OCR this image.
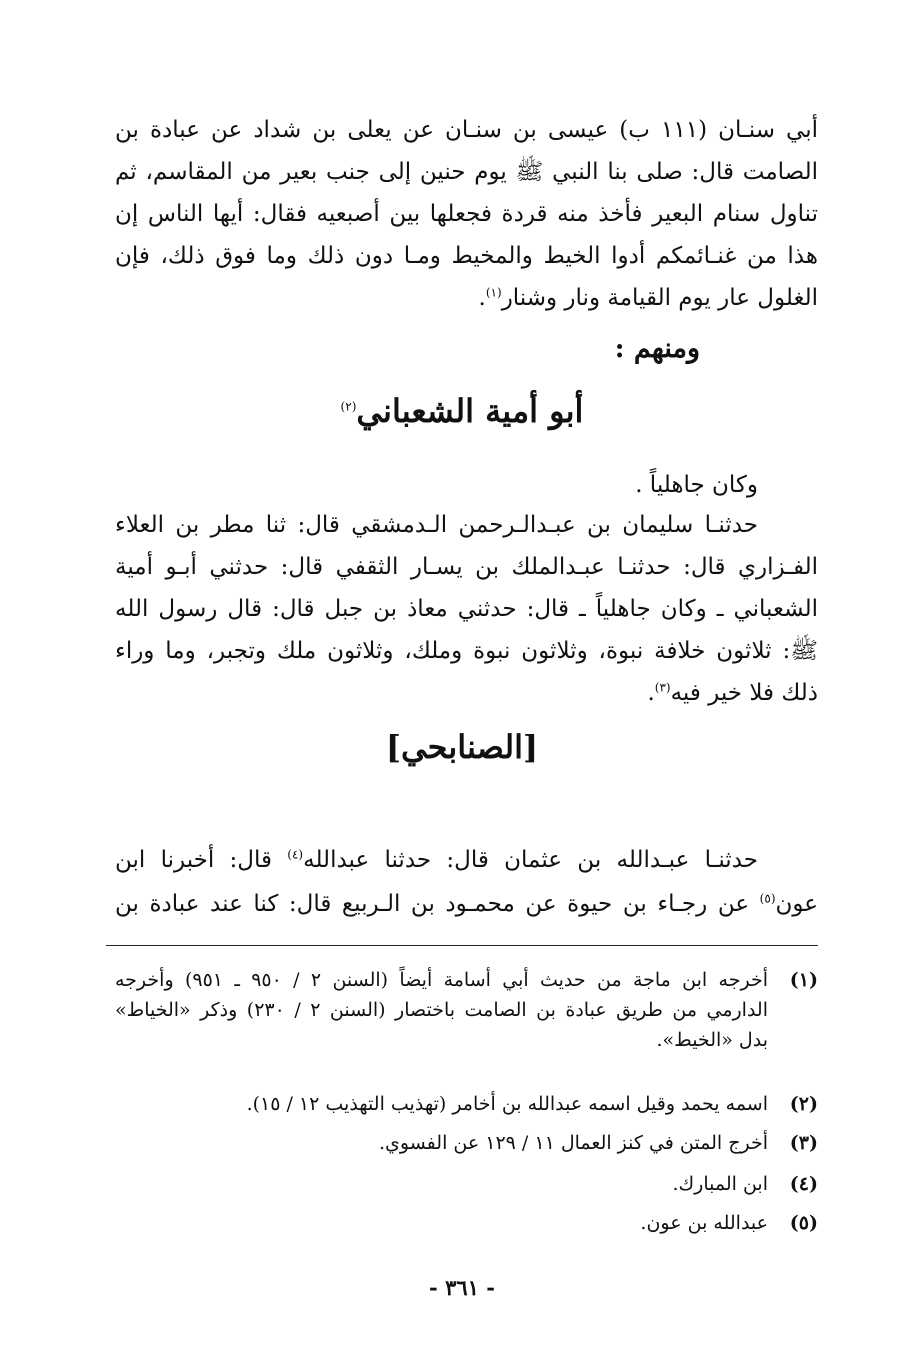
أبي سنـان (١١١ ب) عيسى بن سنـان عن يعلى بن شداد عن عبادة بن
الصامت قال: صلى بنا النبي ﷺ يوم حنين إلى جنب بعير من المقاسم، ثم
تناول سنام البعير فأخذ منه قردة فجعلها بين أصبعيه فقال: أيها الناس إن
هذا من غنـائمكم أدوا الخيط والمخيط ومـا دون ذلك وما فوق ذلك، فإن
الغلول عار يوم القيامة ونار وشنار$^{(١)}$.
ومنهم :
أبو أمية الشعباني$^{(٢)}$
وكان جاهلياً .
حدثنـا سليمان بن عبـدالـرحمن الـدمشقي قال: ثنا مطر بن العلاء
الفـزاري قال: حدثنـا عبـدالملك بن يسـار الثقفي قال: حدثني أبـو أمية
الشعباني ـ وكان جاهلياً ـ قال: حدثني معاذ بن جبل قال: قال رسول الله
ﷺ: ثلاثون خلافة نبوة، وثلاثون نبوة وملك، وثلاثون ملك وتجبر، وما وراء
ذلك فلا خير فيه$^{(٣)}$.
[الصنابحي]
حدثنـا عبـدالله بن عثمان قال: حدثنا عبدالله$^{(٤)}$ قال: أخبرنا ابن
عون$^{(٥)}$ عن رجـاء بن حيوة عن محمـود بن الـربيع قال: كنا عند عبادة بن
(١)
أخرجه ابن ماجة من حديث أبي أسامة أيضاً (السنن ٢ / ٩٥٠ ـ ٩٥١) وأخرجه
الدارمي من طريق عبادة بن الصامت باختصار (السنن ٢ / ٢٣٠) وذكر «الخياط»
بدل «الخيط».
(٢)
اسمه يحمد وقيل اسمه عبدالله بن أخامر (تهذيب التهذيب ١٢ / ١٥).
(٣)
أخرج المتن في كنز العمال ١١ / ١٢٩ عن الفسوي.
(٤)
ابن المبارك.
(٥)
عبدالله بن عون.
- ٣٦١ -
